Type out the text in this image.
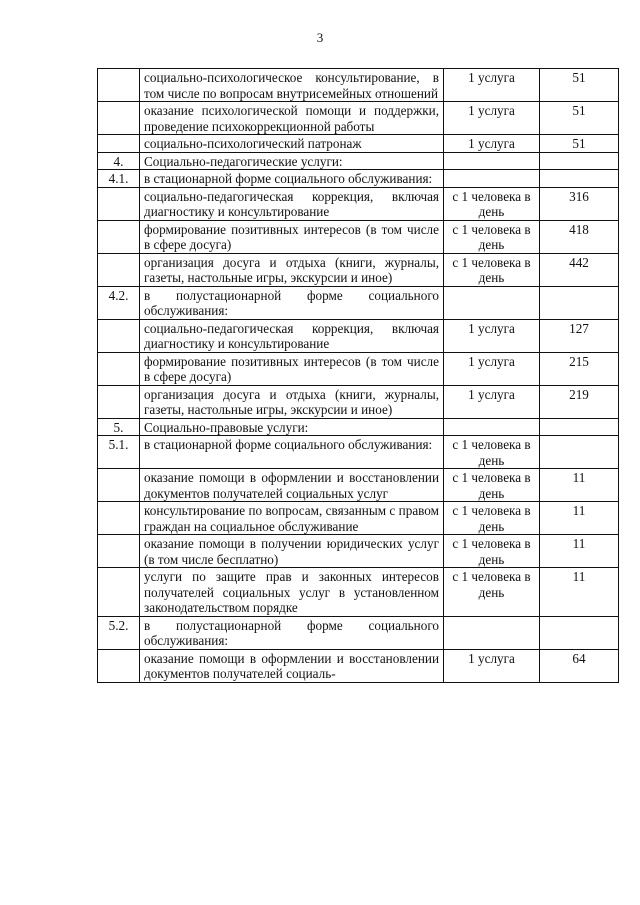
3
	социально-психологическое консультирование, в том числе по вопросам внутрисемейных отношений	1 услуга	51
	оказание психологической помощи и поддержки, проведение психокоррекционной работы	1 услуга	51
	социально-психологический патронаж	1 услуга	51
4.	Социально-педагогические услуги:		
4.1.	в стационарной форме социального обслуживания:		
	социально-педагогическая коррекция, включая диагностику и консультирование	с 1 человека в день	316
	формирование позитивных интересов (в том числе в сфере досуга)	с 1 человека в день	418
	организация досуга и отдыха (книги, журналы, газеты, настольные игры, экскурсии и иное)	с 1 человека в день	442
4.2.	в полустационарной форме социального обслуживания:		
	социально-педагогическая коррекция, включая диагностику и консультирование	1 услуга	127
	формирование позитивных интересов (в том числе в сфере досуга)	1 услуга	215
	организация досуга и отдыха (книги, журналы, газеты, настольные игры, экскурсии и иное)	1 услуга	219
5.	Социально-правовые услуги:		
5.1.	в стационарной форме социального обслуживания:	с 1 человека в день	
	оказание помощи в оформлении и восстановлении документов получателей социальных услуг	с 1 человека в день	11
	консультирование по вопросам, связанным с правом граждан на социальное обслуживание	с 1 человека в день	11
	оказание помощи в получении юридических услуг (в том числе бесплатно)	с 1 человека в день	11
	услуги по защите прав и законных интересов получателей социальных услуг в установленном законодательством порядке	с 1 человека в день	11
5.2.	в полустационарной форме социального обслуживания:		
	оказание помощи в оформлении и восстановлении документов получателей социаль-	1 услуга	64
